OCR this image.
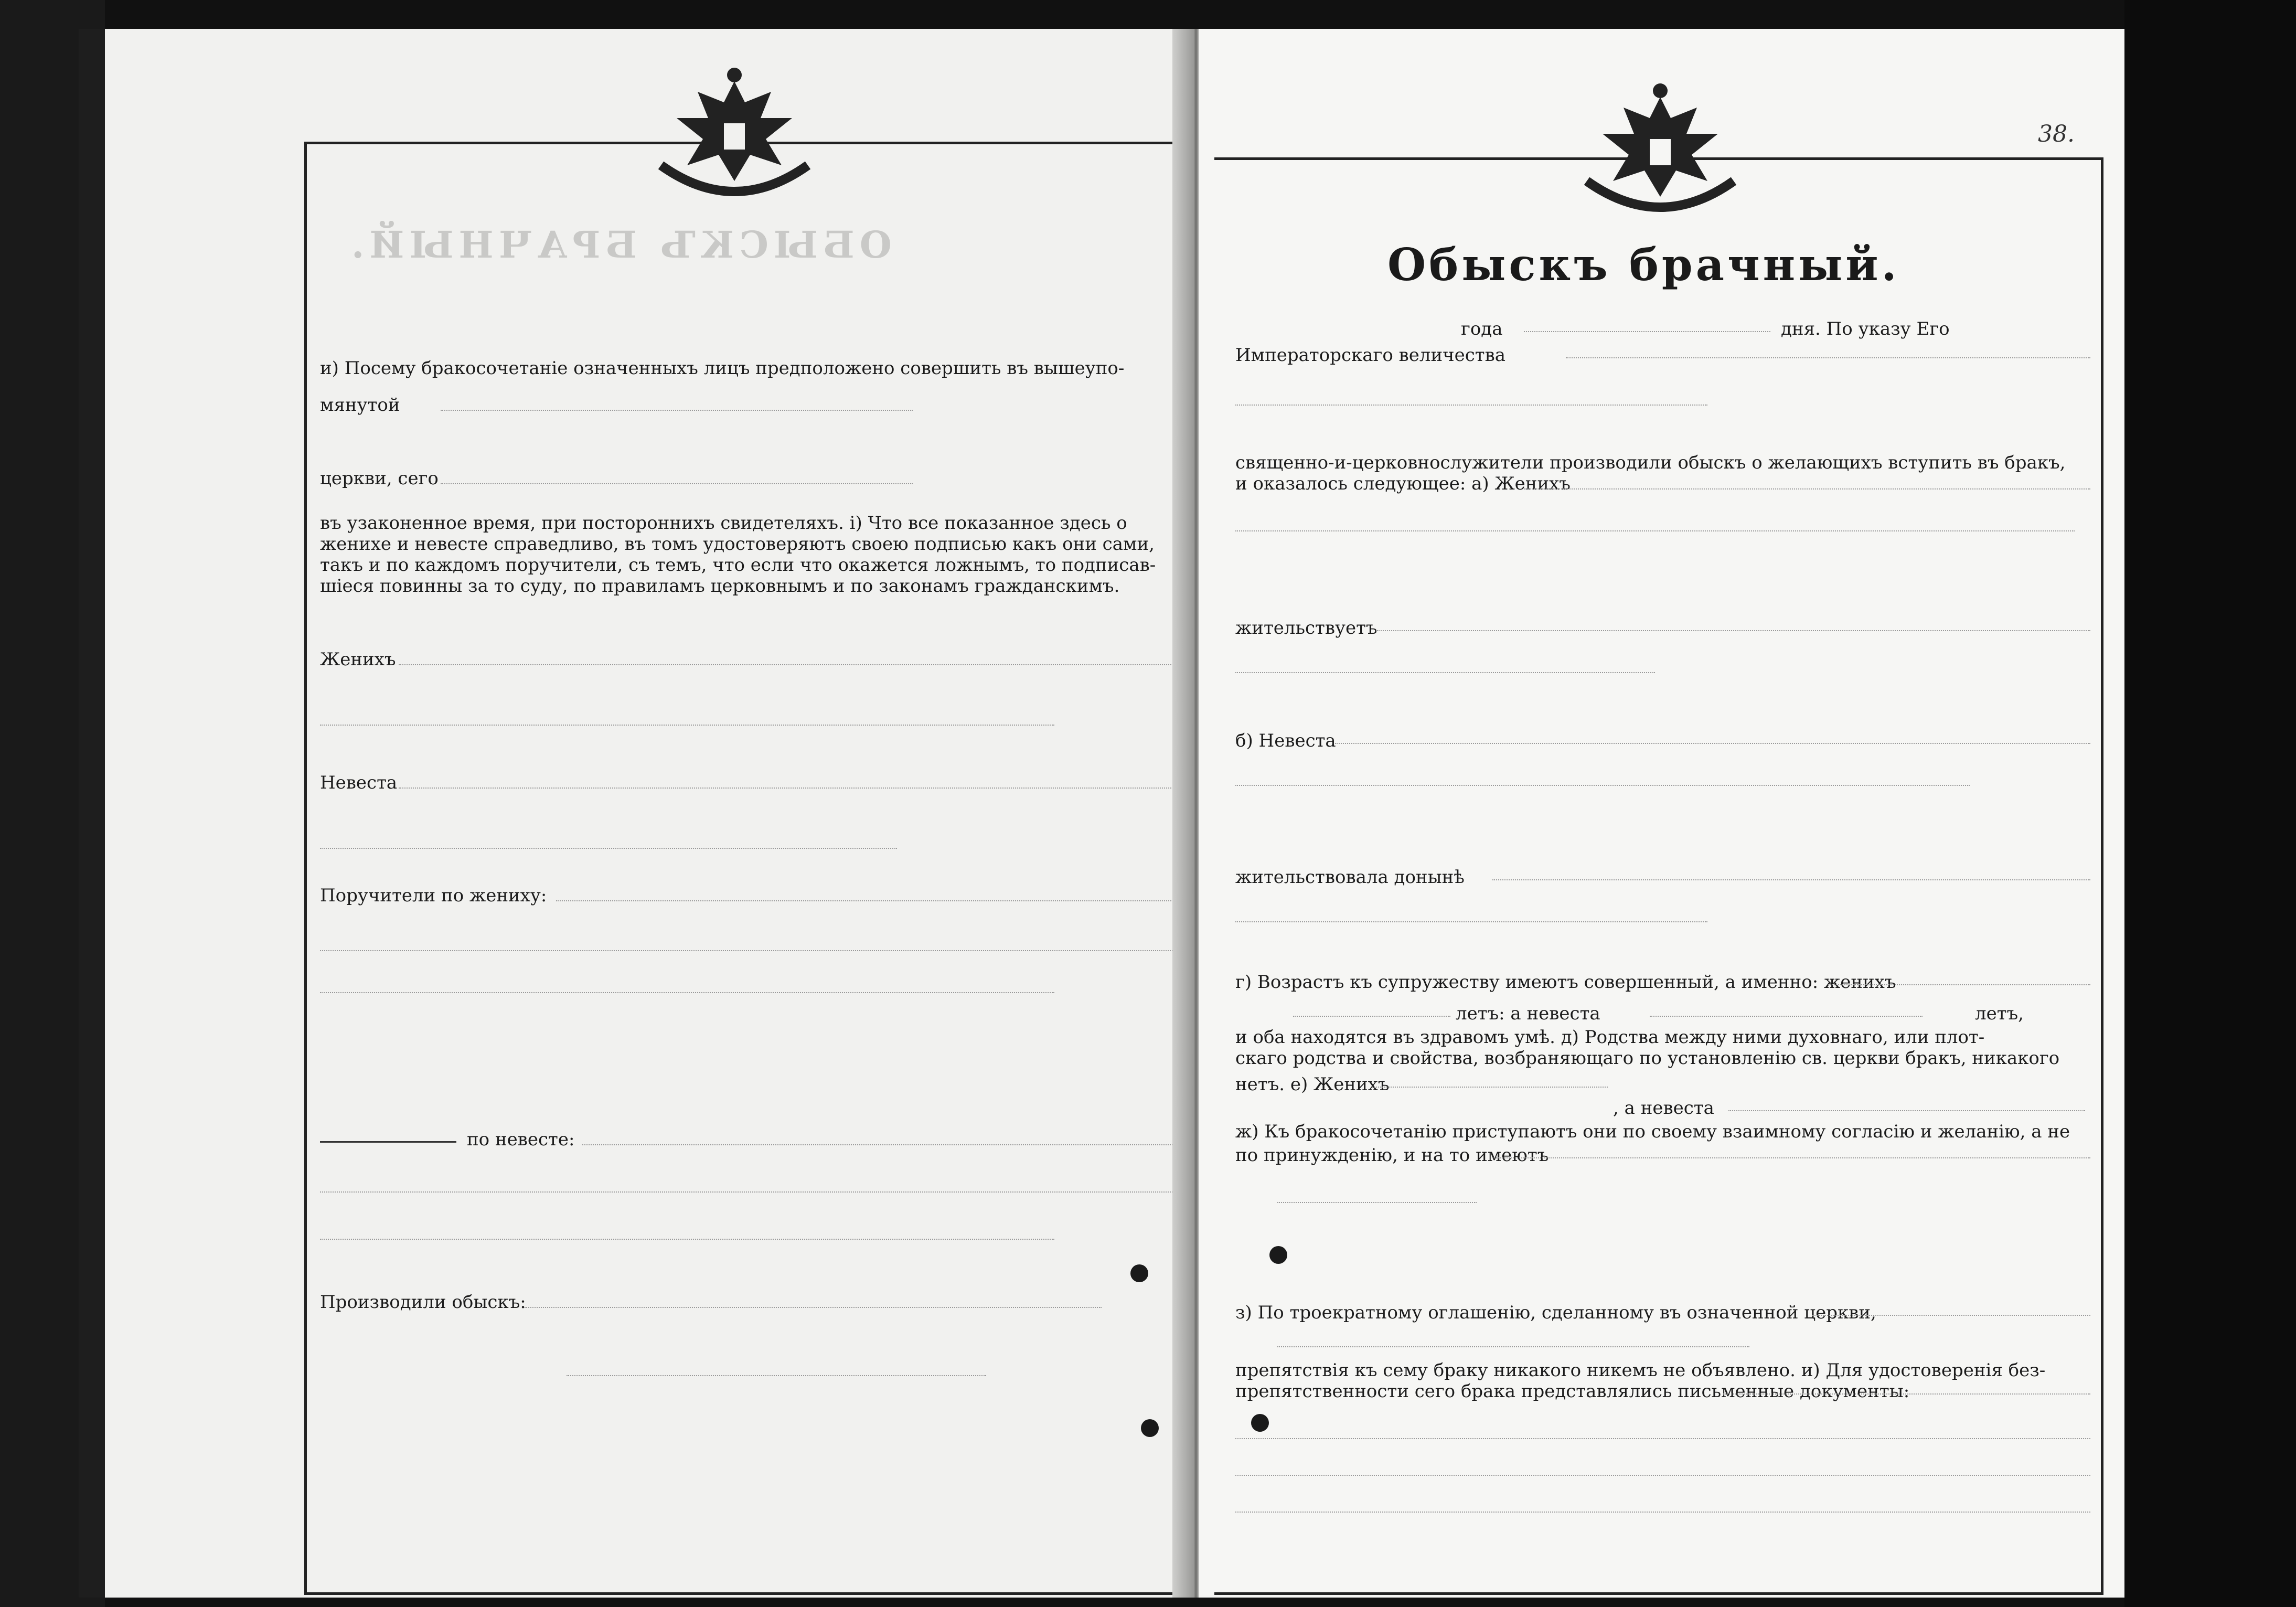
ОБЫСКЪ БРАЧНЫЙ.
и) Посему бракосочетаніе означенныхъ лицъ предположено совершить въ вышеупо-
мянутой
церкви, сего
въ узаконенное время, при постороннихъ свидетеляхъ. і) Что все показанное здесь о
женихе и невесте справедливо, въ томъ удостоверяютъ своею подписью какъ они сами,
такъ и по каждомъ поручители, съ темъ, что если что окажется ложнымъ, то подписав-
шіеся повинны за то суду, по правиламъ церковнымъ и по законамъ гражданскимъ.
Женихъ
Невеста
Поручители по жениху:
по невесте:
Производили обыскъ:
38.
Обыскъ брачный.
года	дня. По указу Его
Императорскаго величества
священно-и-церковнослужители производили обыскъ о желающихъ вступить въ бракъ,
и оказалось следующее: а) Женихъ
жительствуетъ
б) Невеста
жительствовала донынѣ
г) Возрастъ къ супружеству имеютъ совершенный, а именно: женихъ
летъ: а невеста	летъ,
и оба находятся въ здравомъ умѣ. д) Родства между ними духовнаго, или плот-
скаго родства и свойства, возбраняющаго по установленію св. церкви бракъ, никакого
нетъ. е) Женихъ
, а невеста
ж) Къ бракосочетанію приступаютъ они по своему взаимному согласію и желанію, а не
по принужденію, и на то имеютъ
з) По троекратному оглашенію, сделанному въ означенной церкви,
препятствія къ сему браку никакого никемъ не объявлено. и) Для удостоверенія без-
препятственности сего брака представлялись письменные документы:
